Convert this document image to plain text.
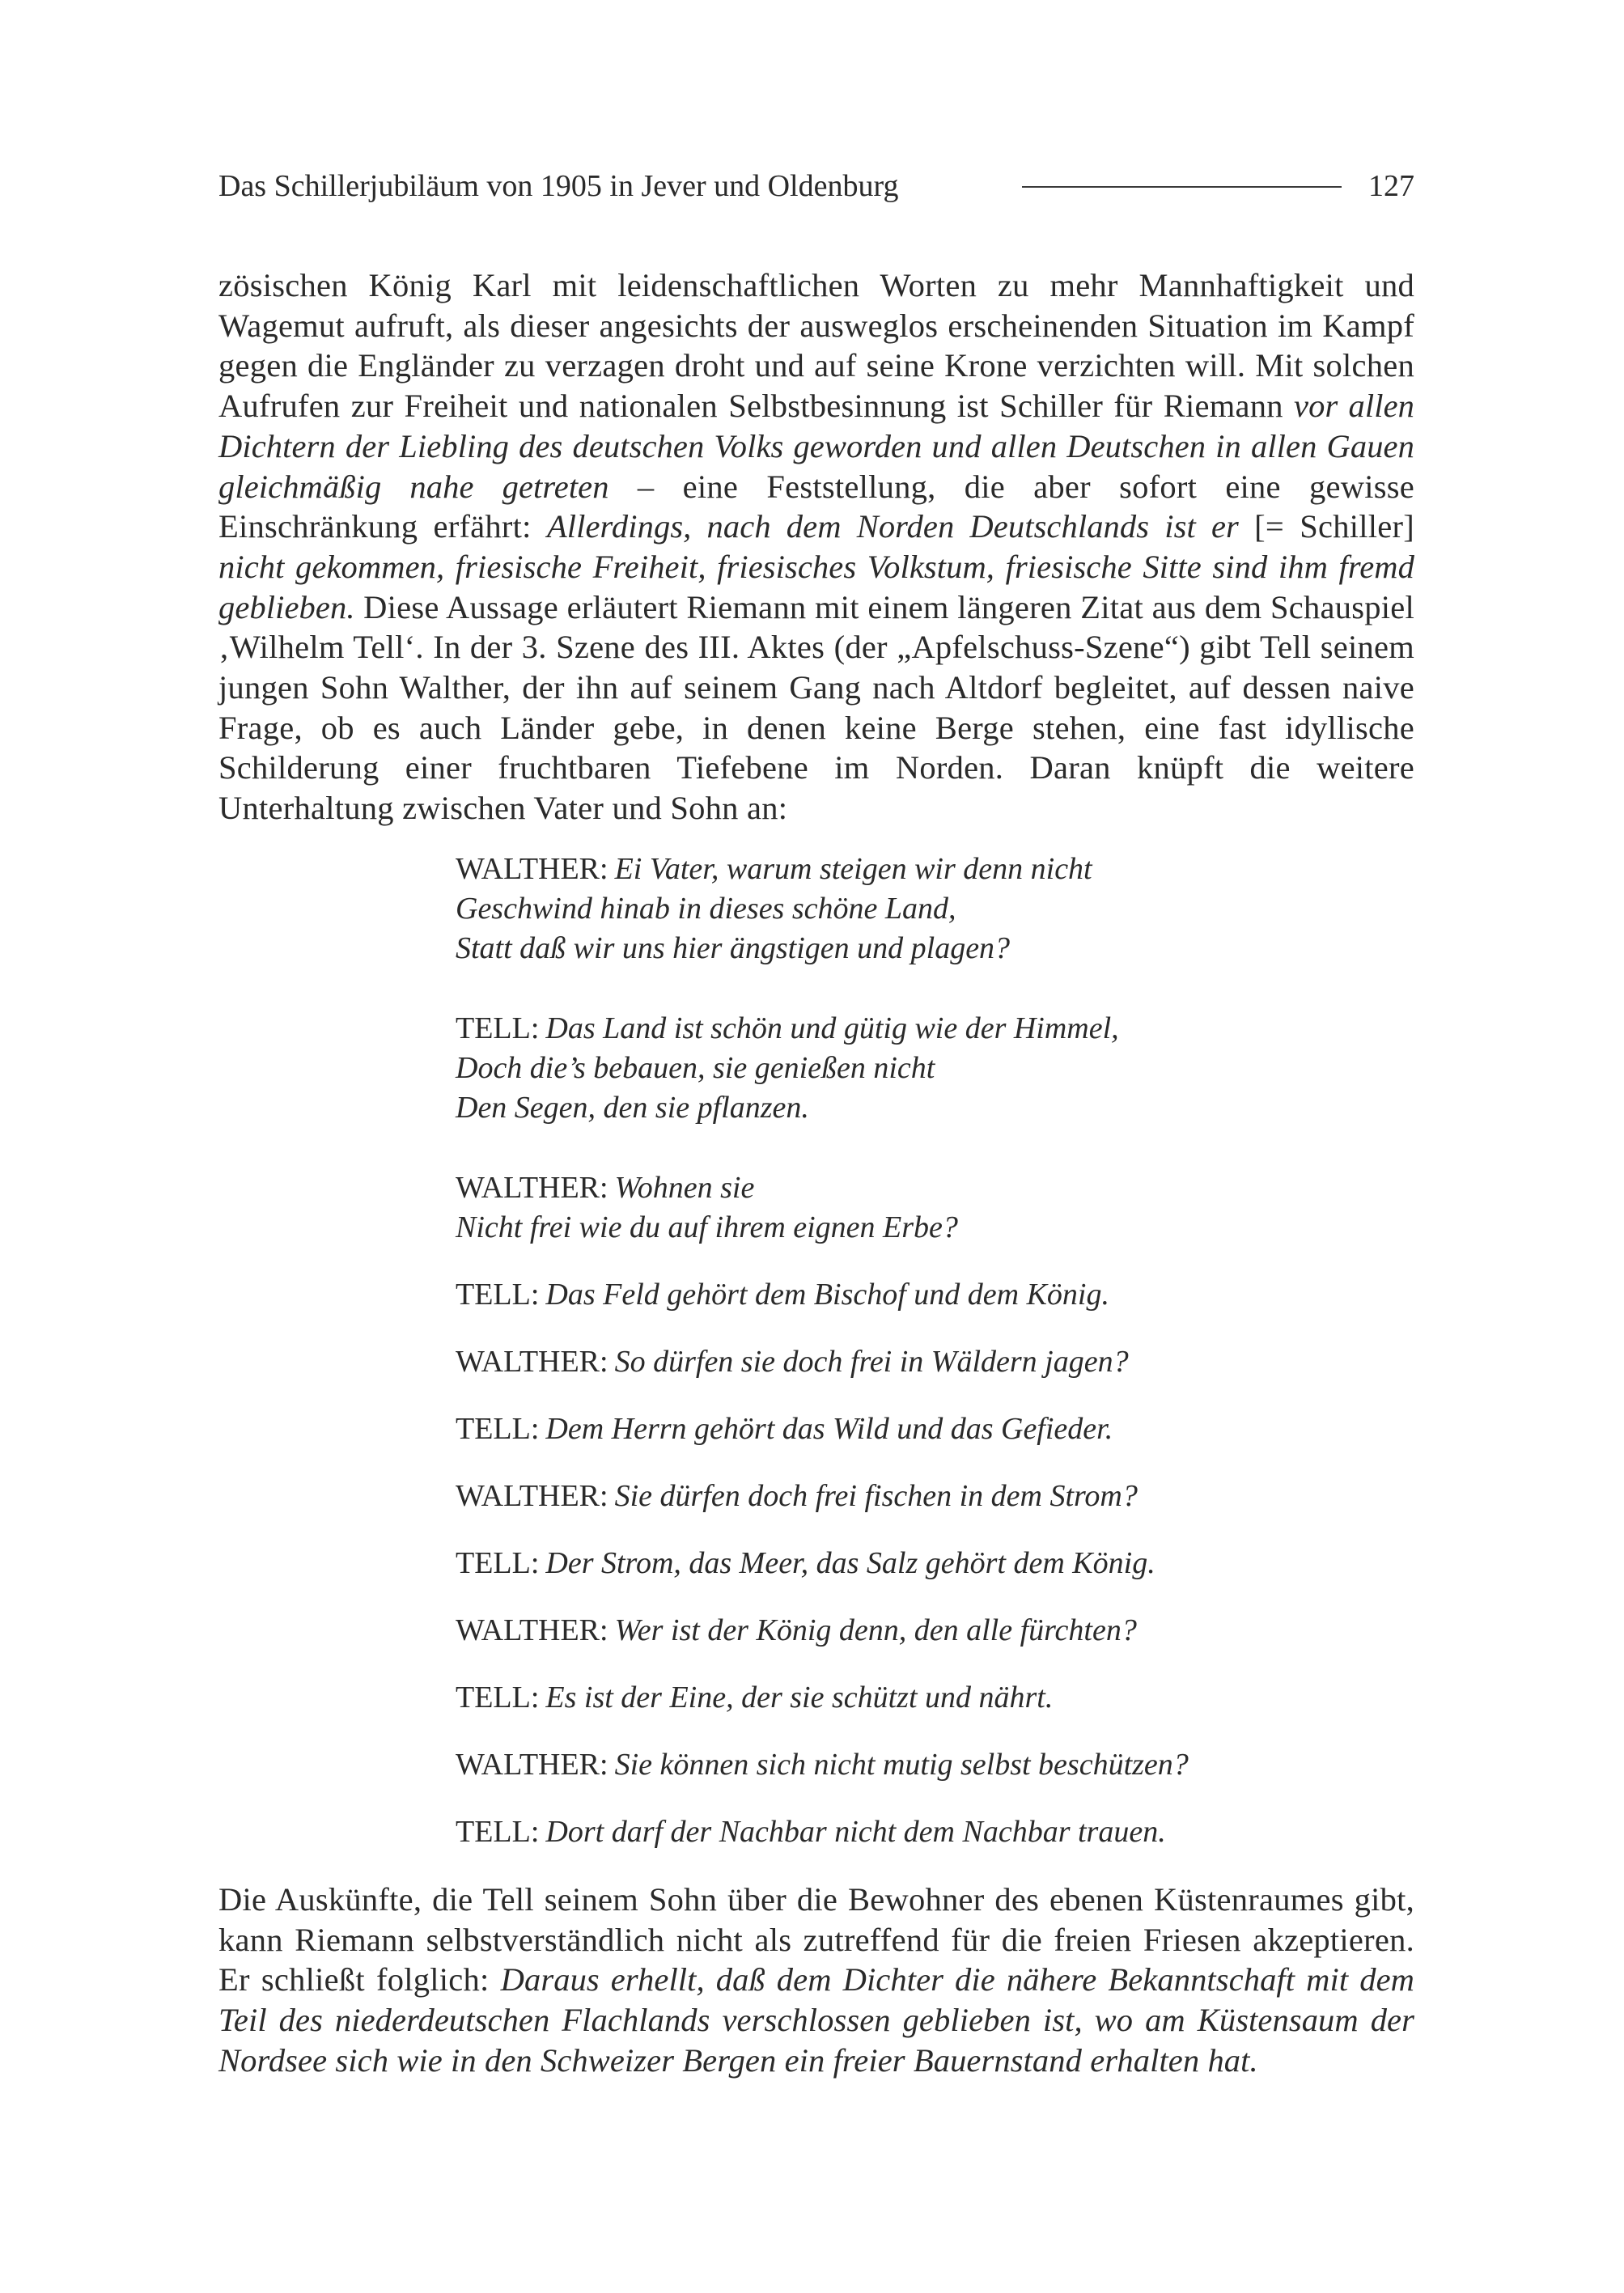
Das Schillerjubiläum von 1905 in Jever und Oldenburg	127

zösischen König Karl mit leidenschaftlichen Worten zu mehr Mannhaftigkeit und Wagemut aufruft, als dieser angesichts der ausweglos erscheinenden Situation im Kampf gegen die Engländer zu verzagen droht und auf seine Krone verzichten will. Mit solchen Aufrufen zur Freiheit und nationalen Selbstbesinnung ist Schiller für Riemann vor allen Dichtern der Liebling des deutschen Volks geworden und allen Deutschen in allen Gauen gleichmäßig nahe getreten – eine Feststellung, die aber sofort eine gewisse Einschränkung erfährt: Allerdings, nach dem Norden Deutschlands ist er [= Schiller] nicht gekommen, friesische Freiheit, friesisches Volkstum, friesische Sitte sind ihm fremd geblieben. Diese Aussage erläutert Riemann mit einem längeren Zitat aus dem Schauspiel ‚Wilhelm Tell‘. In der 3. Szene des III. Aktes (der „Apfelschuss-Szene“) gibt Tell seinem jungen Sohn Walther, der ihn auf seinem Gang nach Altdorf begleitet, auf dessen naive Frage, ob es auch Länder gebe, in denen keine Berge stehen, eine fast idyllische Schilderung einer fruchtbaren Tiefebene im Norden. Daran knüpft die weitere Unterhaltung zwischen Vater und Sohn an:

WALTHER: Ei Vater, warum steigen wir denn nicht
Geschwind hinab in dieses schöne Land,
Statt daß wir uns hier ängstigen und plagen?
TELL: Das Land ist schön und gütig wie der Himmel,
Doch die’s bebauen, sie genießen nicht
Den Segen, den sie pflanzen.
WALTHER: Wohnen sie
Nicht frei wie du auf ihrem eignen Erbe?
TELL: Das Feld gehört dem Bischof und dem König.
WALTHER: So dürfen sie doch frei in Wäldern jagen?
TELL: Dem Herrn gehört das Wild und das Gefieder.
WALTHER: Sie dürfen doch frei fischen in dem Strom?
TELL: Der Strom, das Meer, das Salz gehört dem König.
WALTHER: Wer ist der König denn, den alle fürchten?
TELL: Es ist der Eine, der sie schützt und nährt.
WALTHER: Sie können sich nicht mutig selbst beschützen?
TELL: Dort darf der Nachbar nicht dem Nachbar trauen.

Die Auskünfte, die Tell seinem Sohn über die Bewohner des ebenen Küstenraumes gibt, kann Riemann selbstverständlich nicht als zutreffend für die freien Friesen akzeptieren. Er schließt folglich: Daraus erhellt, daß dem Dichter die nähere Bekanntschaft mit dem Teil des niederdeutschen Flachlands verschlossen geblieben ist, wo am Küstensaum der Nordsee sich wie in den Schweizer Bergen ein freier Bauernstand erhalten hat.
